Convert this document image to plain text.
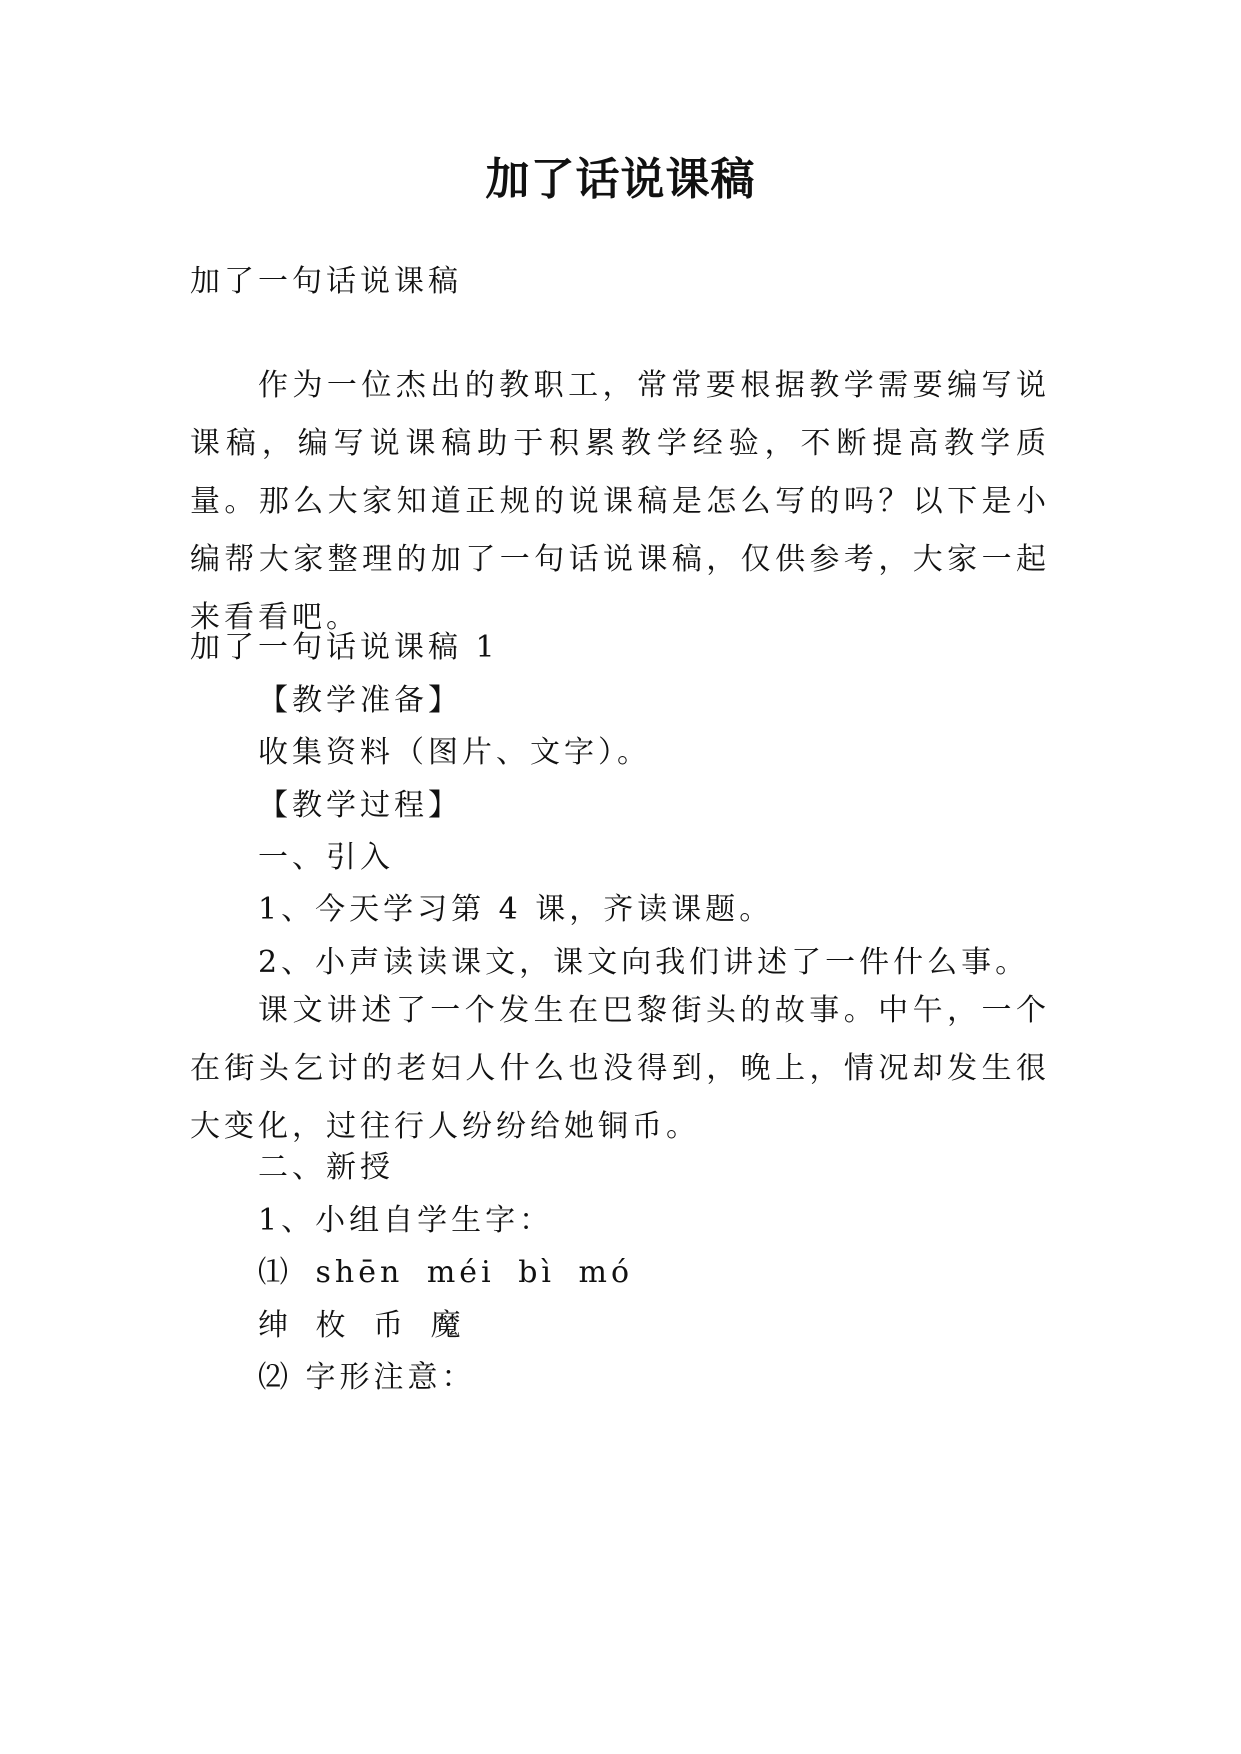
加了话说课稿
加了一句话说课稿
作为一位杰出的教职工，常常要根据教学需要编写说课稿，编写说课稿助于积累教学经验，不断提高教学质量。那么大家知道正规的说课稿是怎么写的吗？以下是小编帮大家整理的加了一句话说课稿，仅供参考，大家一起来看看吧。
加了一句话说课稿 1
【教学准备】
收集资料（图片、文字）。
【教学过程】
一、引入
1、今天学习第 4 课，齐读课题。
2、小声读读课文，课文向我们讲述了一件什么事。
课文讲述了一个发生在巴黎街头的故事。中午，一个在街头乞讨的老妇人什么也没得到，晚上，情况却发生很大变化，过往行人纷纷给她铜币。
二、新授
1、小组自学生字：
⑴ shēn méi bì mó
绅 枚 币 魔
⑵ 字形注意：
